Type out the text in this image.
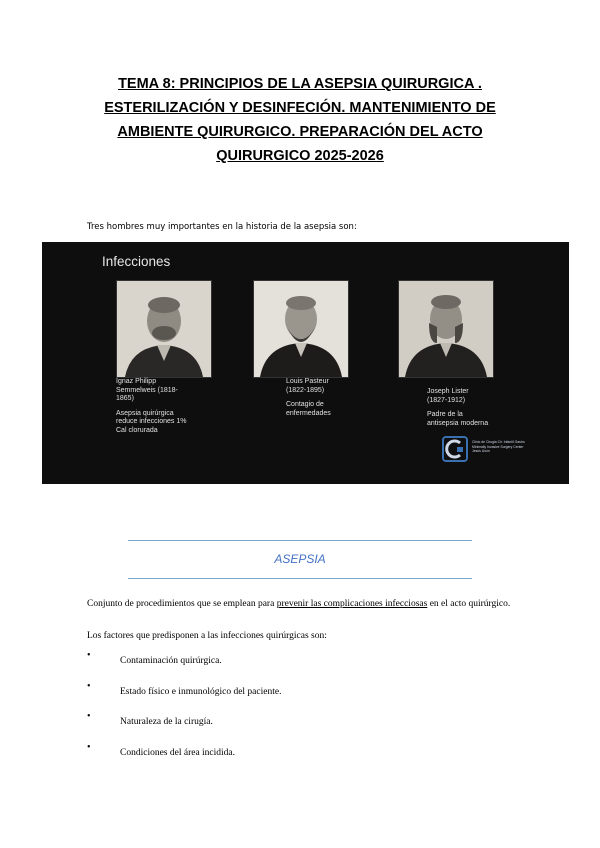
TEMA 8: PRINCIPIOS DE LA ASEPSIA QUIRURGICA .
ESTERILIZACIÓN Y DESINFECIÓN. MANTENIMIENTO DE
AMBIENTE QUIRURGICO. PREPARACIÓN DEL ACTO
QUIRURGICO 2025-2026
Tres hombres muy importantes en la historia de la asepsia son:
Infecciones
Ignaz Philipp
Semmelweis (1818-
1865)
Asepsia quirúrgica
reduce infecciones 1%
Cal clorurada
Louis Pasteur
(1822-1895)
Contagio de
enfermedades
Joseph Lister
(1827-1912)
Padre de la
antisepsia moderna
Clinic de Cirugia Cir. Infantil Gastro
Minimally Invasive Surgery Center
Jesús Usón
ASEPSIA
Conjunto de procedimientos que se emplean para prevenir las complicaciones infecciosas en el acto quirúrgico.
Los factores que predisponen a las infecciones quirúrgicas son:
•	Contaminación quirúrgica.
•	Estado físico e inmunológico del paciente.
•	Naturaleza de la cirugía.
•	Condiciones del área incidida.
